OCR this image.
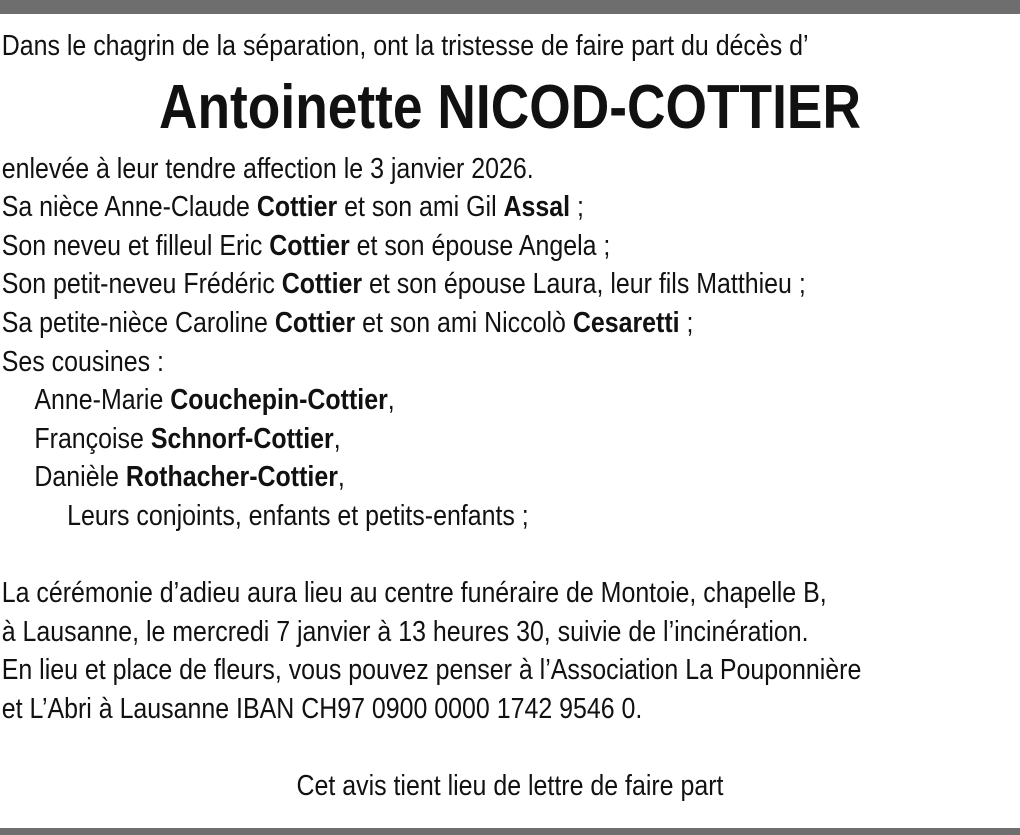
Dans le chagrin de la séparation, ont la tristesse de faire part du décès d’

Antoinette NICOD-COTTIER

enlevée à leur tendre affection le 3 janvier 2026.

Sa nièce Anne-Claude Cottier et son ami Gil Assal ;

Son neveu et filleul Eric Cottier et son épouse Angela ;

Son petit-neveu Frédéric Cottier et son épouse Laura, leur fils Matthieu ;

Sa petite-nièce Caroline Cottier et son ami Niccolò Cesaretti ;

Ses cousines :

Anne-Marie Couchepin-Cottier,

Françoise Schnorf-Cottier,

Danièle Rothacher-Cottier,

Leurs conjoints, enfants et petits-enfants ;

La cérémonie d’adieu aura lieu au centre funéraire de Montoie, chapelle B,

à Lausanne, le mercredi 7 janvier à 13 heures 30, suivie de l’incinération.

En lieu et place de fleurs, vous pouvez penser à l’Association La Pouponnière

et L’Abri à Lausanne IBAN CH97 0900 0000 1742 9546 0.

Cet avis tient lieu de lettre de faire part
